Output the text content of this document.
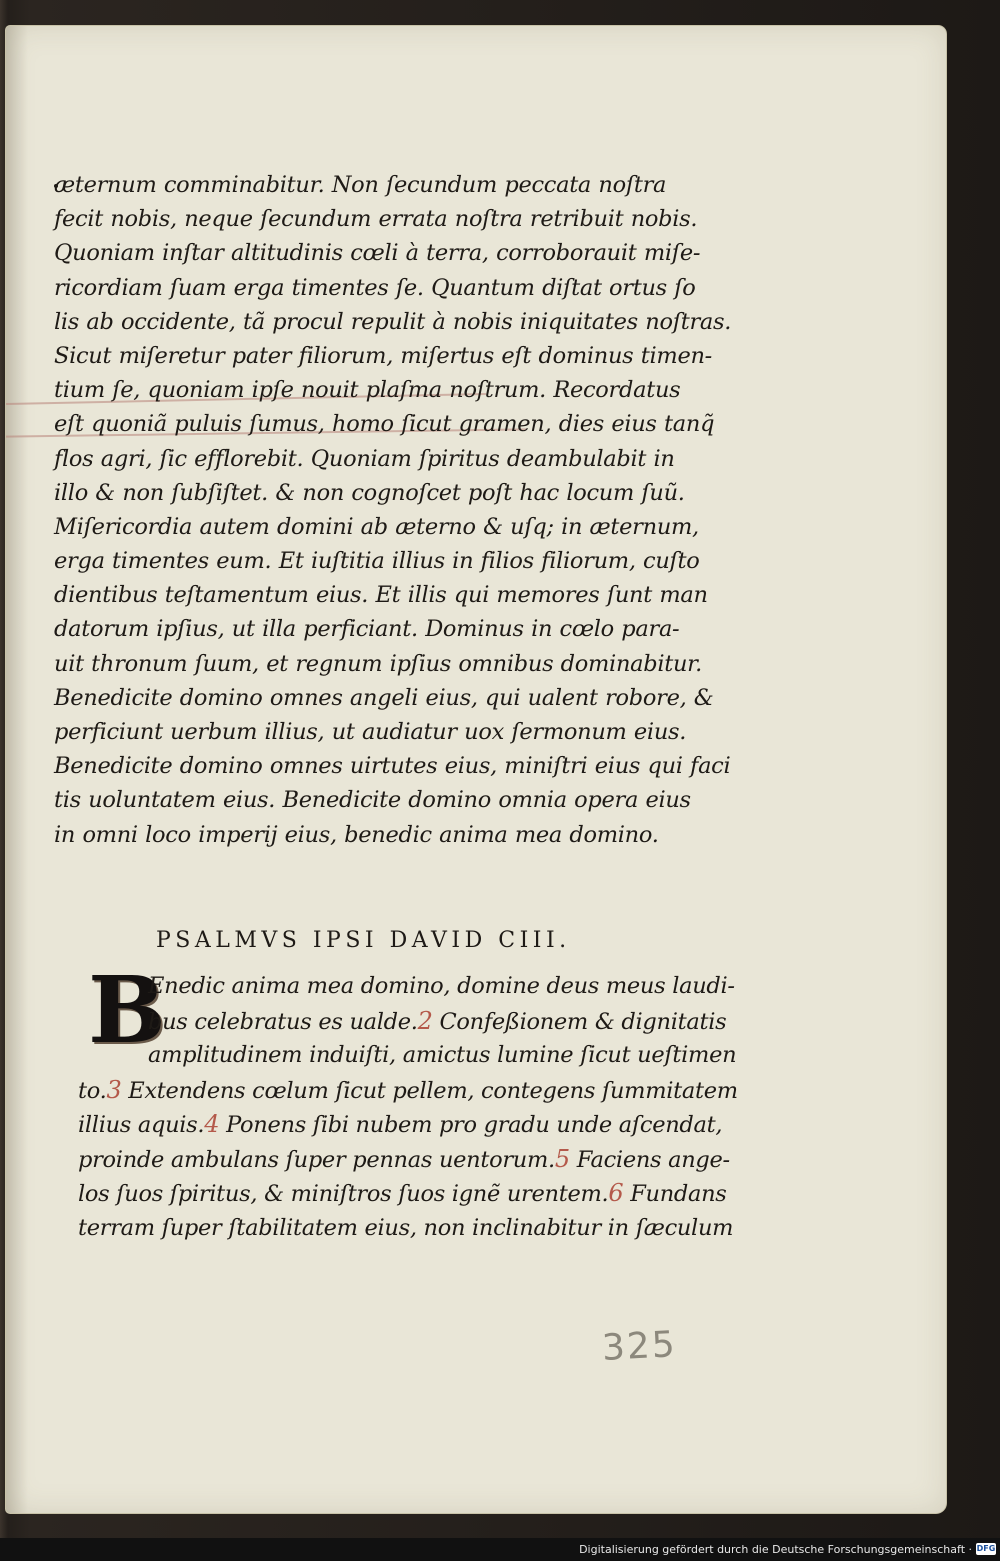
æternum comminabitur. Non ſecundum peccata noſtra
fecit nobis, neque ſecundum errata noſtra retribuit nobis.
Quoniam inſtar altitudinis cœli à terra, corroborauit miſe-
ricordiam ſuam erga timentes ſe. Quantum diſtat ortus ſo
lis ab occidente, tã procul repulit à nobis iniquitates noſtras.
Sicut miſeretur pater filiorum, miſertus eſt dominus timen-
tium ſe, quoniam ipſe nouit plaſma noſtrum. Recordatus
eſt quoniã puluis ſumus, homo ſicut gramen, dies eius tanq̃
flos agri, ſic efflorebit. Quoniam ſpiritus deambulabit in
illo & non ſubſiſtet. & non cognoſcet poſt hac locum ſuũ.
Miſericordia autem domini ab æterno & uſq; in æternum,
erga timentes eum. Et iuſtitia illius in filios filiorum, cuſto
dientibus teſtamentum eius. Et illis qui memores ſunt man
datorum ipſius, ut illa perficiant. Dominus in cœlo para-
uit thronum ſuum, et regnum ipſius omnibus dominabitur.
Benedicite domino omnes angeli eius, qui ualent robore, &
perficiunt uerbum illius, ut audiatur uox ſermonum eius.
Benedicite domino omnes uirtutes eius, miniſtri eius qui faci
tis uoluntatem eius. Benedicite domino omnia opera eius
in omni loco imperij eius, benedic anima mea domino.
PSALMVS IPSI DAVID CIII.
B
Enedic anima mea domino, domine deus meus laudi-
bus celebratus es ualde.2 Confeßionem & dignitatis
amplitudinem induiſti, amictus lumine ſicut ueſtimen
to.3 Extendens cœlum ſicut pellem, contegens ſummitatem
illius aquis.4 Ponens ſibi nubem pro gradu unde aſcendat,
proinde ambulans ſuper pennas uentorum.5 Faciens ange-
los ſuos ſpiritus, & miniſtros ſuos ignẽ urentem.6 Fundans
terram ſuper ſtabilitatem eius, non inclinabitur in ſæculum
325
Digitalisierung gefördert durch die Deutsche Forschungsgemeinschaft · DFG
